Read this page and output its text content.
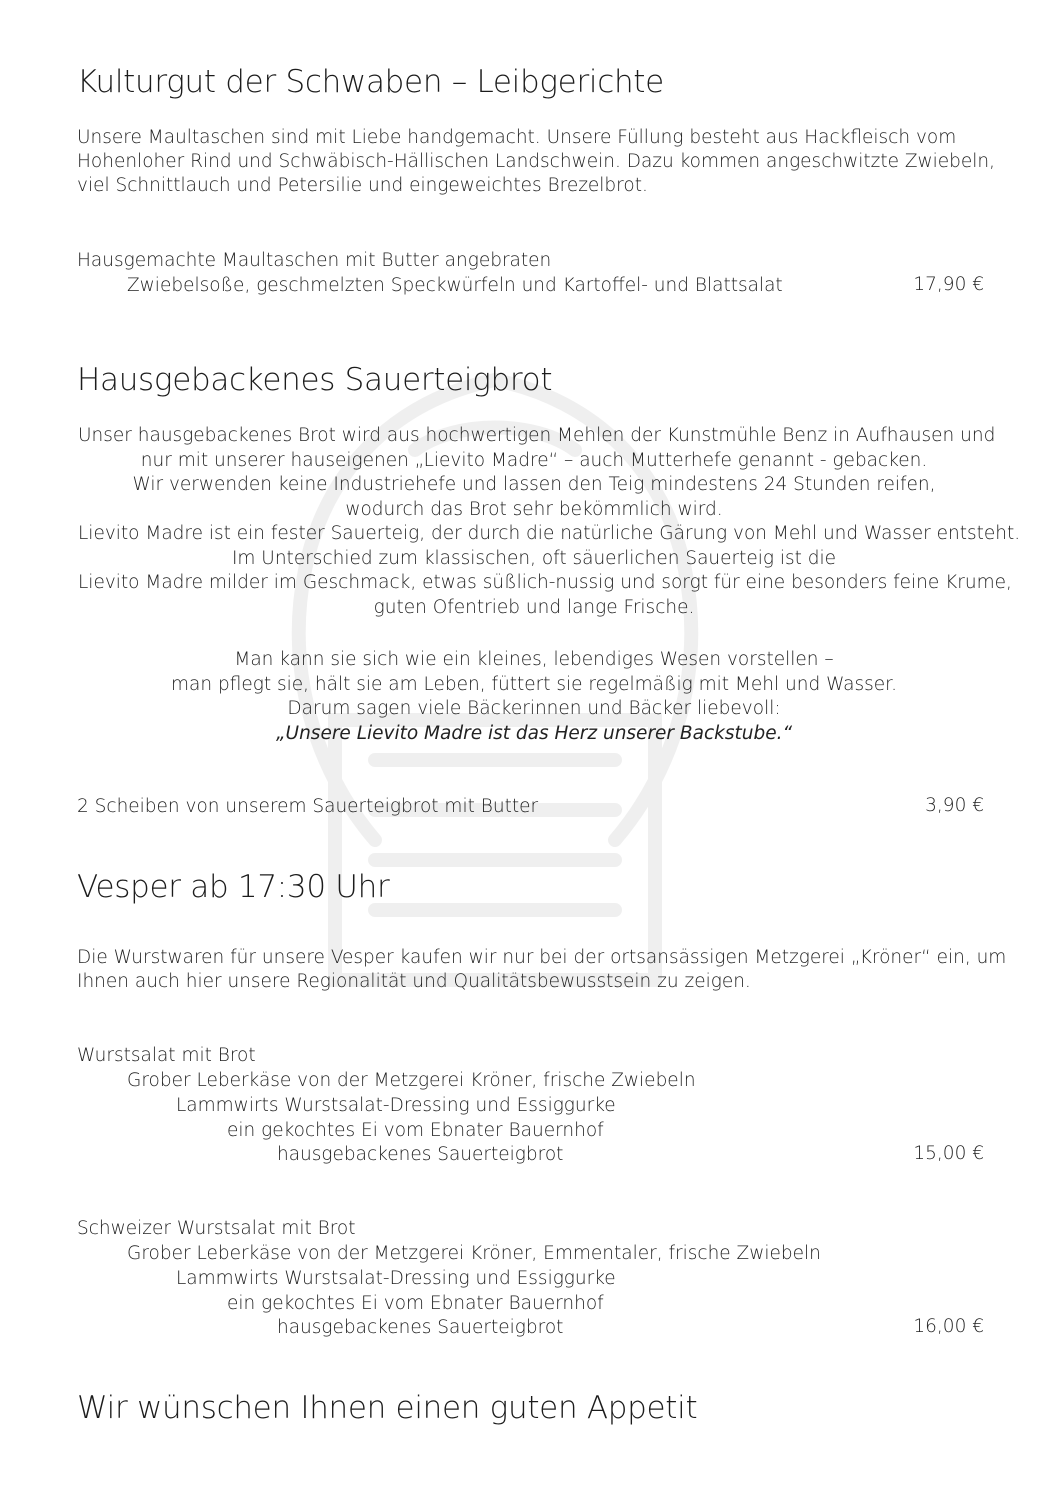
Kulturgut der Schwaben – Leibgerichte
Unsere Maultaschen sind mit Liebe handgemacht. Unsere Füllung besteht aus Hackfleisch vom
Hohenloher Rind und Schwäbisch-Hällischen Landschwein. Dazu kommen angeschwitzte Zwiebeln,
viel Schnittlauch und Petersilie und eingeweichtes Brezelbrot.
Hausgemachte Maultaschen mit Butter angebraten
Zwiebelsoße, geschmelzten Speckwürfeln und Kartoffel- und Blattsalat	17,90 €
Hausgebackenes Sauerteigbrot
Unser hausgebackenes Brot wird aus hochwertigen Mehlen der Kunstmühle Benz in Aufhausen und
nur mit unserer hauseigenen „Lievito Madre“ – auch Mutterhefe genannt - gebacken.
Wir verwenden keine Industriehefe und lassen den Teig mindestens 24 Stunden reifen,
wodurch das Brot sehr bekömmlich wird.
Lievito Madre ist ein fester Sauerteig, der durch die natürliche Gärung von Mehl und Wasser entsteht.
Im Unterschied zum klassischen, oft säuerlichen Sauerteig ist die
Lievito Madre milder im Geschmack, etwas süßlich-nussig und sorgt für eine besonders feine Krume,
guten Ofentrieb und lange Frische.
Man kann sie sich wie ein kleines, lebendiges Wesen vorstellen –
man pflegt sie, hält sie am Leben, füttert sie regelmäßig mit Mehl und Wasser.
Darum sagen viele Bäckerinnen und Bäcker liebevoll:
„Unsere Lievito Madre ist das Herz unserer Backstube.“
2 Scheiben von unserem Sauerteigbrot mit Butter	3,90 €
Vesper ab 17:30 Uhr
Die Wurstwaren für unsere Vesper kaufen wir nur bei der ortsansässigen Metzgerei „Kröner“ ein, um
Ihnen auch hier unsere Regionalität und Qualitätsbewusstsein zu zeigen.
Wurstsalat mit Brot
Grober Leberkäse von der Metzgerei Kröner, frische Zwiebeln
Lammwirts Wurstsalat-Dressing und Essiggurke
ein gekochtes Ei vom Ebnater Bauernhof
hausgebackenes Sauerteigbrot	15,00 €
Schweizer Wurstsalat mit Brot
Grober Leberkäse von der Metzgerei Kröner, Emmentaler, frische Zwiebeln
Lammwirts Wurstsalat-Dressing und Essiggurke
ein gekochtes Ei vom Ebnater Bauernhof
hausgebackenes Sauerteigbrot	16,00 €
Wir wünschen Ihnen einen guten Appetit
